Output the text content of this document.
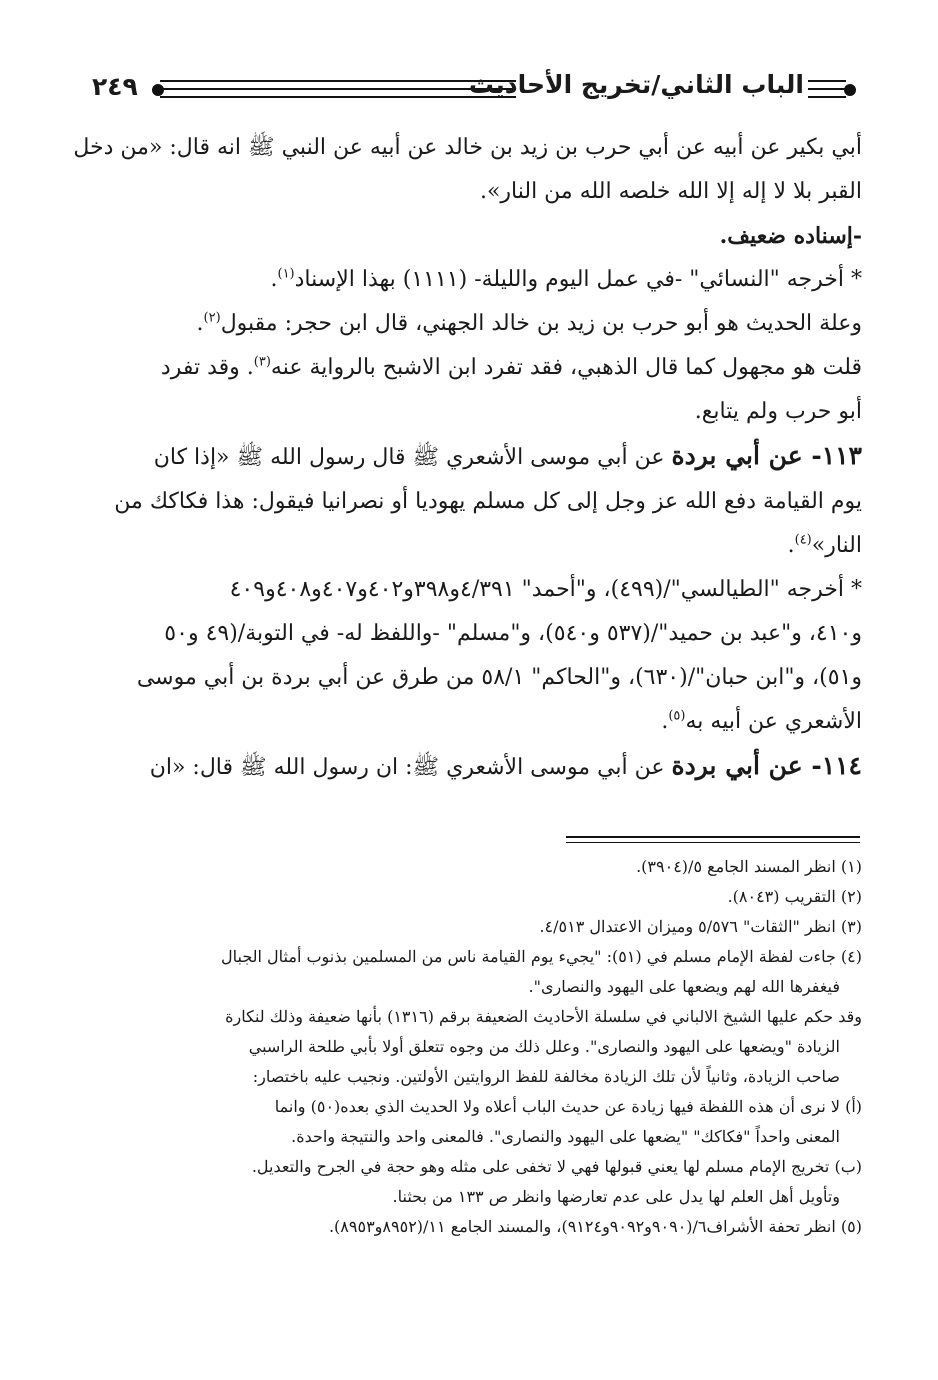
٢٤٩	الباب الثاني/تخريج الأحاديث
أبي بكير عن أبيه عن أبي حرب بن زيد بن خالد عن أبيه عن النبي ﷺ انه قال: «من دخل
القبر بلا لا إله إلا الله خلصه الله من النار».
-إسناده ضعيف.
* أخرجه "النسائي" -في عمل اليوم والليلة- (١١١١) بهذا الإسناد$^{(١)}$.
وعلة الحديث هو أبو حرب بن زيد بن خالد الجهني، قال ابن حجر: مقبول$^{(٢)}$.
قلت هو مجهول كما قال الذهبي، فقد تفرد ابن الاشبح بالرواية عنه$^{(٣)}$. وقد تفرد
أبو حرب ولم يتابع.
١١٣- عن أبي بردة عن أبي موسى الأشعري ﷺ قال رسول الله ﷺ «إذا كان
يوم القيامة دفع الله عز وجل إلى كل مسلم يهوديا أو نصرانيا فيقول: هذا فكاكك من
النار»$^{(٤)}$.
* أخرجه "الطيالسي"/(٤٩٩)، و"أحمد" ٤/٣٩١و٣٩٨و٤٠٢و٤٠٧و٤٠٨و٤٠٩
و٤١٠، و"عبد بن حميد"/(٥٣٧ و٥٤٠)، و"مسلم" -واللفظ له- في التوبة/(٤٩ و٥٠
و٥١)، و"ابن حبان"/(٦٣٠)، و"الحاكم" ٥٨/١ من طرق عن أبي بردة بن أبي موسى
الأشعري عن أبيه به$^{(٥)}$.
١١٤- عن أبي بردة عن أبي موسى الأشعري ﷺ: ان رسول الله ﷺ قال: «ان
(١) انظر المسند الجامع ٥/(٣٩٠٤).
(٢) التقريب (٨٠٤٣).
(٣) انظر "الثقات" ٥/٥٧٦ وميزان الاعتدال ٤/٥١٣.
(٤) جاءت لفظة الإمام مسلم في (٥١): "يجيء يوم القيامة ناس من المسلمين بذنوب أمثال الجبال
فيغفرها الله لهم ويضعها على اليهود والنصارى".
وقد حكم عليها الشيخ الالباني في سلسلة الأحاديث الضعيفة برقم (١٣١٦) بأنها ضعيفة وذلك لنكارة
الزيادة "ويضعها على اليهود والنصارى". وعلل ذلك من وجوه تتعلق أولا بأبي طلحة الراسبي
صاحب الزيادة، وثانياً لأن تلك الزيادة مخالفة للفظ الروايتين الأولتين. ونجيب عليه باختصار:
(أ) لا نرى أن هذه اللفظة فيها زيادة عن حديث الباب أعلاه ولا الحديث الذي بعده(٥٠) وانما
المعنى واحداً "فكاكك" "يضعها على اليهود والنصارى". فالمعنى واحد والنتيجة واحدة.
(ب) تخريج الإمام مسلم لها يعني قبولها فهي لا تخفى على مثله وهو حجة في الجرح والتعديل.
وتأويل أهل العلم لها يدل على عدم تعارضها وانظر ص ١٣٣ من بحثنا.
(٥) انظر تحفة الأشراف٦/(٩٠٩٠و٩٠٩٢و٩١٢٤)، والمسند الجامع ١١/(٨٩٥٢و٨٩٥٣).
